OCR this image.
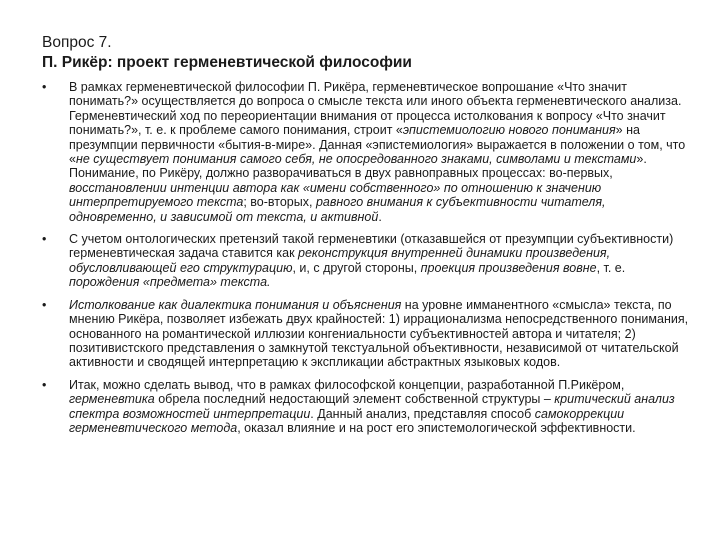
Вопрос 7.

П. Рикёр: проект герменевтической философии

•	В рамках герменевтической философии П. Рикёра, герменевтическое вопрошание «Что значит понимать?» осуществляется до вопроса о смысле текста или иного объекта герменевтического анализа. Герменевтический ход по переориентации внимания от процесса истолкования к вопросу «Что значит понимать?», т. е. к проблеме самого понимания, строит «эпистемиологию нового понимания» на презумпции первичности «бытия-в-мире». Данная «эпистемиология» выражается в положении о том, что «не существует понимания самого себя, не опосредованного знаками, символами и текстами». Понимание, по Рикёру, должно разворачиваться в двух равноправных процессах: во-первых, восстановлении интенции автора как «имени собственного» по отношению к значению интерпретируемого текста; во-вторых, равного внимания к субъективности читателя, одновременно, и зависимой от текста, и активной.

•	С учетом онтологических претензий такой герменевтики (отказавшейся от презумпции субъективности) герменевтическая задача ставится как реконструкция внутренней динамики произведения, обусловливающей его структурацию, и, с другой стороны, проекция произведения вовне, т. е. порождения «предмета» текста.

•	Истолкование как диалектика понимания и объяснения на уровне имманентного «смысла» текста, по мнению Рикёра, позволяет избежать двух крайностей: 1) иррационализма непосредственного понимания, основанного на романтической иллюзии конгениальности субъективностей автора и читателя; 2) позитивистского представления о замкнутой текстуальной объективности, независимой от читательской активности и сводящей интерпретацию к экспликации абстрактных языковых кодов.

•	Итак, можно сделать вывод, что в рамках философской концепции, разработанной П.Рикёром, герменевтика обрела последний недостающий элемент собственной структуры – критический анализ спектра возможностей интерпретации. Данный анализ, представляя способ самокоррекции герменевтического метода, оказал влияние и на рост его эпистемологической эффективности.
